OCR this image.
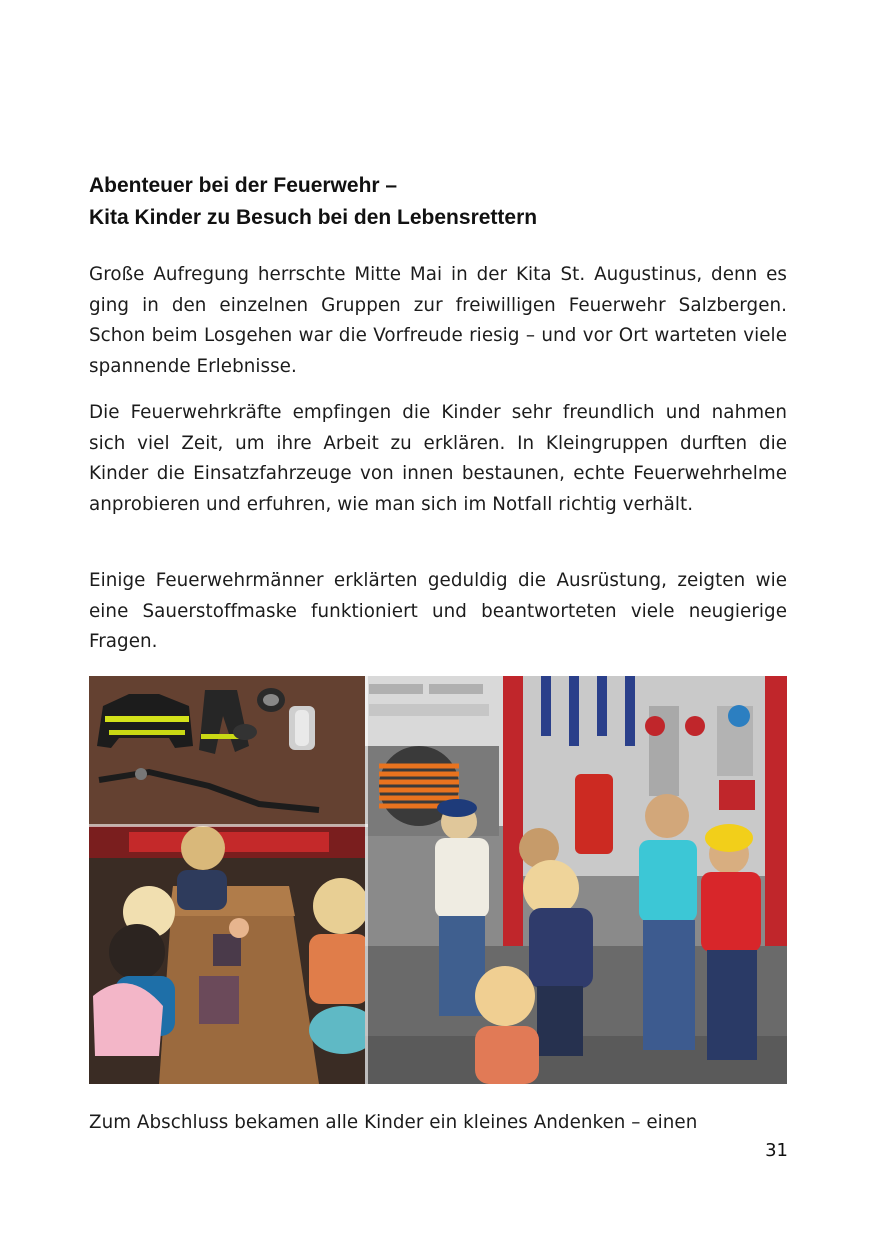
Abenteuer bei der Feuerwehr –
Kita Kinder zu Besuch bei den Lebensrettern
Große Aufregung herrschte Mitte Mai in der Kita St. Augustinus, denn es ging in den einzelnen Gruppen zur freiwilligen Feuerwehr Salzbergen. Schon beim Losgehen war die Vorfreude riesig – und vor Ort warteten viele spannende Erlebnisse.
Die Feuerwehrkräfte empfingen die Kinder sehr freundlich und nahmen sich viel Zeit, um ihre Arbeit zu erklären. In Kleingruppen durften die Kinder die Einsatzfahrzeuge von innen bestaunen, echte Feuerwehrhelme anprobieren und erfuhren, wie man sich im Notfall richtig verhält.
Einige Feuerwehrmänner erklärten geduldig die Ausrüstung, zeigten wie eine Sauerstoffmaske funktioniert und beantworteten viele neugierige Fragen.
Zum Abschluss bekamen alle Kinder ein kleines Andenken – einen
31
